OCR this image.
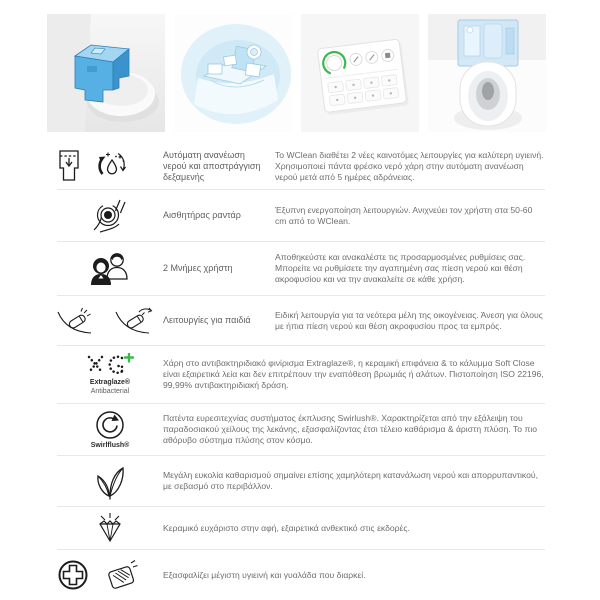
Αυτόματη ανανέωση νερού και αποστράγγιση δεξαμενής
Το WClean διαθέτει 2 νέες καινοτόμες λειτουργίες για καλύτερη υγιεινή. Χρησιμοποιεί πάντα φρέσκο νερό χάρη στην αυτόματη ανανέωση νερού μετά από 5 ημέρες αδράνειας.
Αισθητήρας ραντάρ
Έξυπνη ενεργοποίηση λειτουργιών. Ανιχνεύει τον χρήστη στα 50-60 cm από το WClean.
2 Μνήμες χρήστη
Αποθηκεύστε και ανακαλέστε τις προσαρμοσμένες ρυθμίσεις σας. Μπορείτε να ρυθμίσετε την αγαπημένη σας πίεση νερού και θέση ακροφυσίου και να την ανακαλείτε σε κάθε χρήση.
Λειτουργίες για παιδιά
Ειδική λειτουργία για τα νεότερα μέλη της οικογένειας. Άνεση για όλους με ήπια πίεση νερού και θέση ακροφυσίου προς τα εμπρός.
Extraglaze®
Antibacterial
Χάρη στο αντιβακτηριδιακό φινίρισμα Extraglaze®, η κεραμική επιφάνεια & το κάλυμμα Soft Close είναι εξαιρετικά λεία και δεν επιτρέπουν την εναπόθεση βρωμιάς ή αλάτων. Πιστοποίηση ISO 22196, 99,99% αντιβακτηριδιακή δράση.
Swirlflush®
Πατέντα ευρεσιτεχνίας συστήματος έκπλυσης Swirlush®. Χαρακτηρίζεται από την εξάλειψη του παραδοσιακού χείλους της λεκάνης, εξασφαλίζοντας έτσι τέλειο καθάρισμα & άριστη πλύση. Το πιο αθόρυβο σύστημα πλύσης στον κόσμο.
Μεγάλη ευκολία καθαρισμού σημαίνει επίσης χαμηλότερη κατανάλωση νερού και απορρυπαντικού, με σεβασμό στο περιβάλλον.
Κεραμικό ευχάριστο στην αφή, εξαιρετικά ανθεκτικό στις εκδορές.
Εξασφαλίζει μέγιστη υγιεινή και γυαλάδα που διαρκεί.
